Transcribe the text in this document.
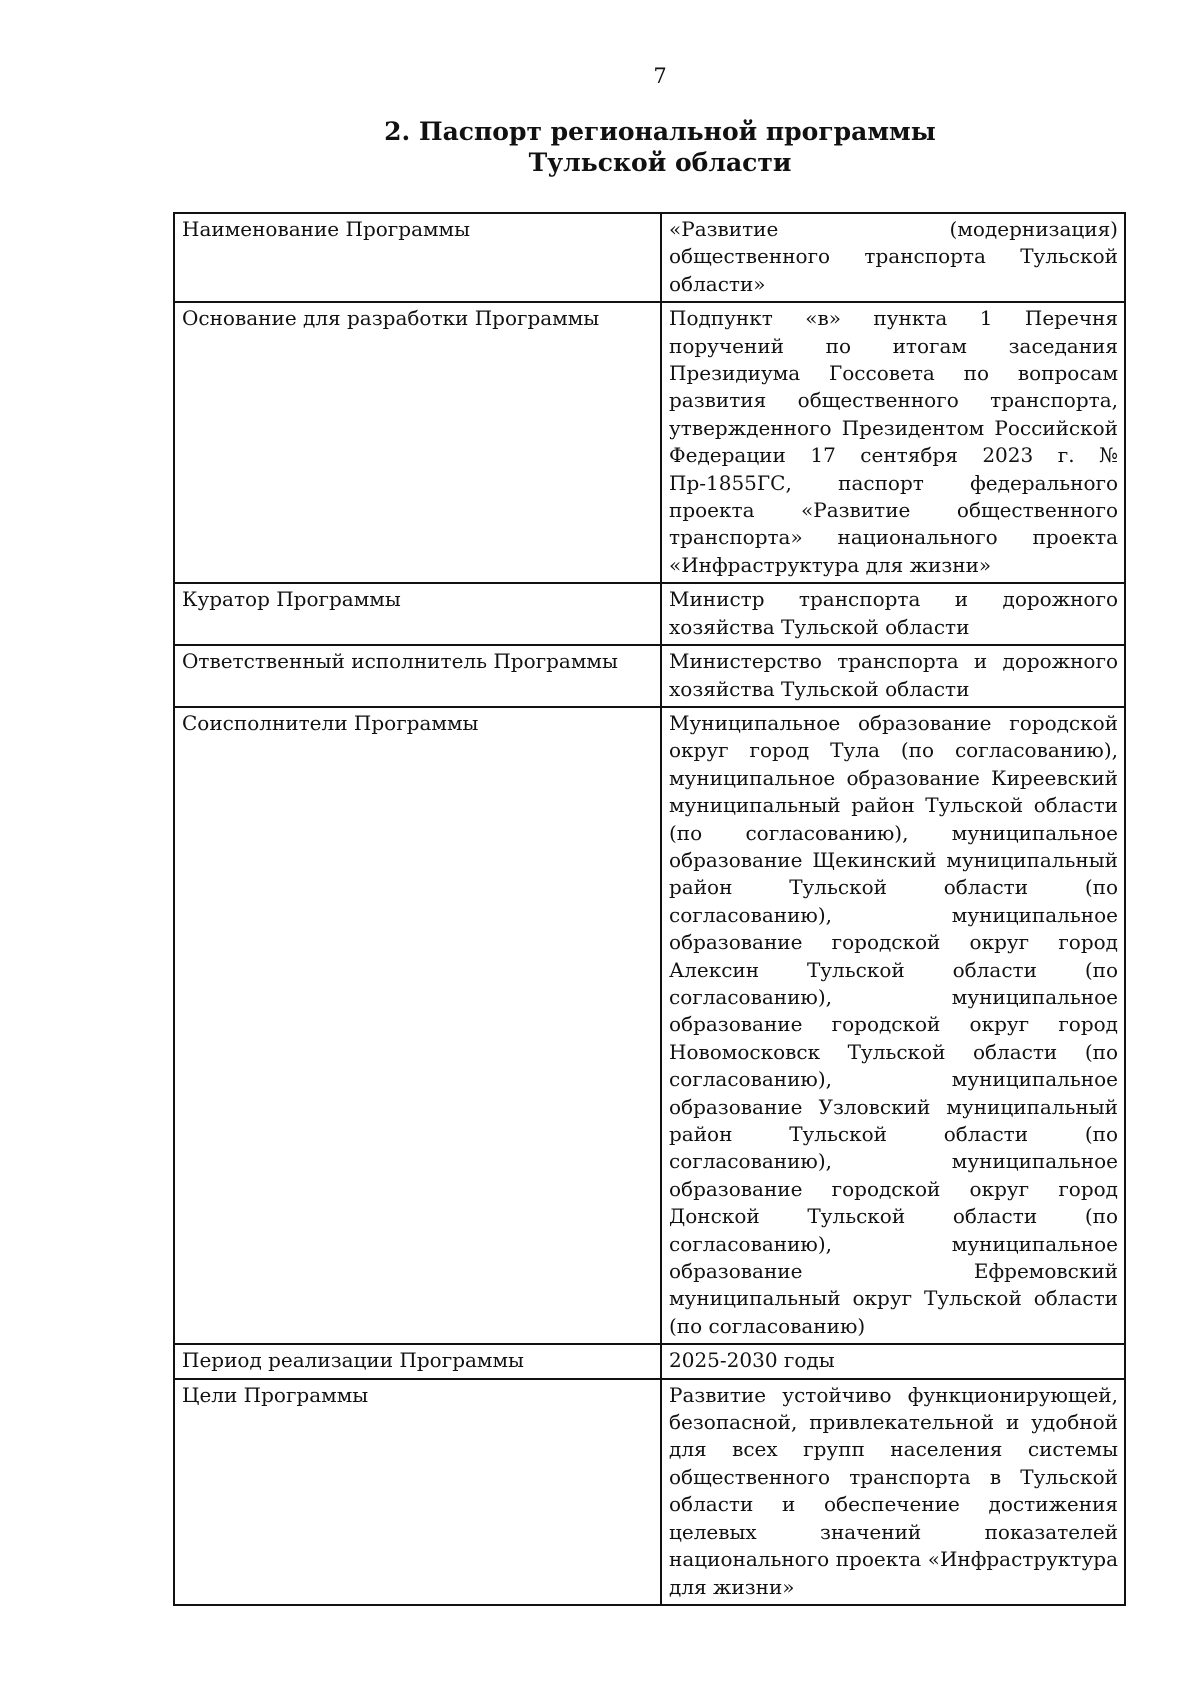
7
2. Паспорт региональной программы
Тульской области
Наименование Программы	«Развитие (модернизация) общественного транспорта Тульской области»
Основание для разработки Программы	Подпункт «в» пункта 1 Перечня поручений по итогам заседания Президиума Госсовета по вопросам развития общественного транспорта, утвержденного Президентом Российской Федерации 17 сентября 2023 г. № Пр-1855ГС, паспорт федерального проекта «Развитие общественного транспорта» национального проекта «Инфраструктура для жизни»
Куратор Программы	Министр транспорта и дорожного хозяйства Тульской области
Ответственный исполнитель Программы	Министерство транспорта и дорожного хозяйства Тульской области
Соисполнители Программы	Муниципальное образование городской округ город Тула (по согласованию), муниципальное образование Киреевский муниципальный район Тульской области (по согласованию), муниципальное образование Щекинский муниципальный район Тульской области (по согласованию), муниципальное образование городской округ город Алексин Тульской области (по согласованию), муниципальное образование городской округ город Новомосковск Тульской области (по согласованию), муниципальное образование Узловский муниципальный район Тульской области (по согласованию), муниципальное образование городской округ город Донской Тульской области (по согласованию), муниципальное образование Ефремовский муниципальный округ Тульской области (по согласованию)
Период реализации Программы	2025-2030 годы
Цели Программы	Развитие устойчиво функционирующей, безопасной, привлекательной и удобной для всех групп населения системы общественного транспорта в Тульской области и обеспечение достижения целевых значений показателей национального проекта «Инфраструктура для жизни»
